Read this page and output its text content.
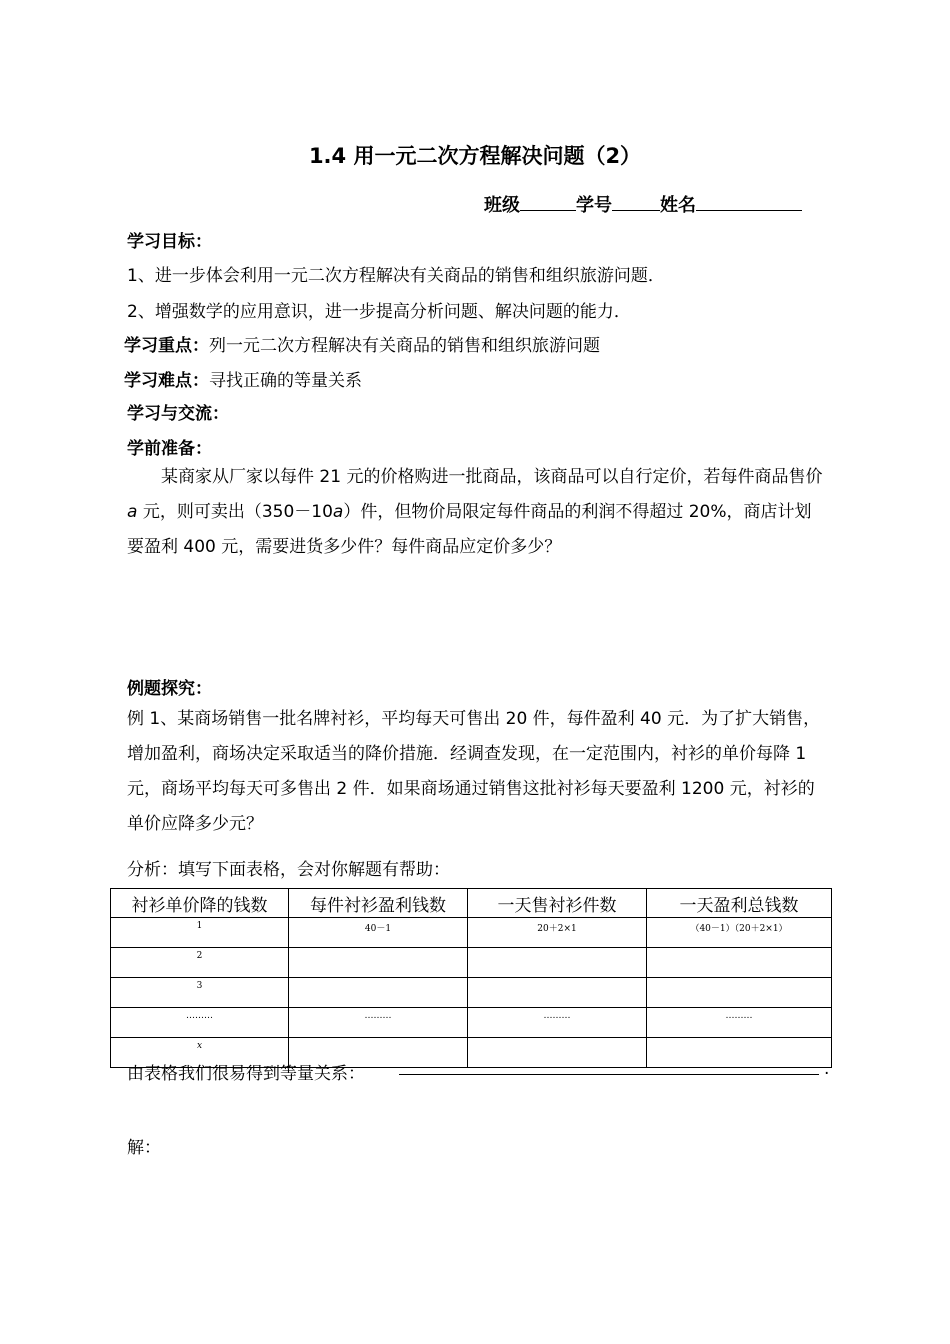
1.4 用一元二次方程解决问题（2）
班级	学号	姓名
学习目标：
1、进一步体会利用一元二次方程解决有关商品的销售和组织旅游问题．
2、增强数学的应用意识，进一步提高分析问题、解决问题的能力．
学习重点：列一元二次方程解决有关商品的销售和组织旅游问题
学习难点：寻找正确的等量关系
学习与交流：
学前准备：
某商家从厂家以每件 21 元的价格购进一批商品，该商品可以自行定价，若每件商品售价 a 元，则可卖出（350－10a）件，但物价局限定每件商品的利润不得超过 20%，商店计划要盈利 400 元，需要进货多少件？每件商品应定价多少？
例题探究：
例 1、某商场销售一批名牌衬衫，平均每天可售出 20 件，每件盈利 40 元．为了扩大销售，增加盈利，商场决定采取适当的降价措施．经调查发现，在一定范围内，衬衫的单价每降 1 元，商场平均每天可多售出 2 件．如果商场通过销售这批衬衫每天要盈利 1200 元，衬衫的单价应降多少元？
分析：填写下面表格，会对你解题有帮助：
衬衫单价降的钱数	每件衬衫盈利钱数	一天售衬衫件数	一天盈利总钱数
1	40－1	20＋2×1	（40－1）（20＋2×1）
2			
3			
………	………	………	………
x			
由表格我们很易得到等量关系：	.
解：
